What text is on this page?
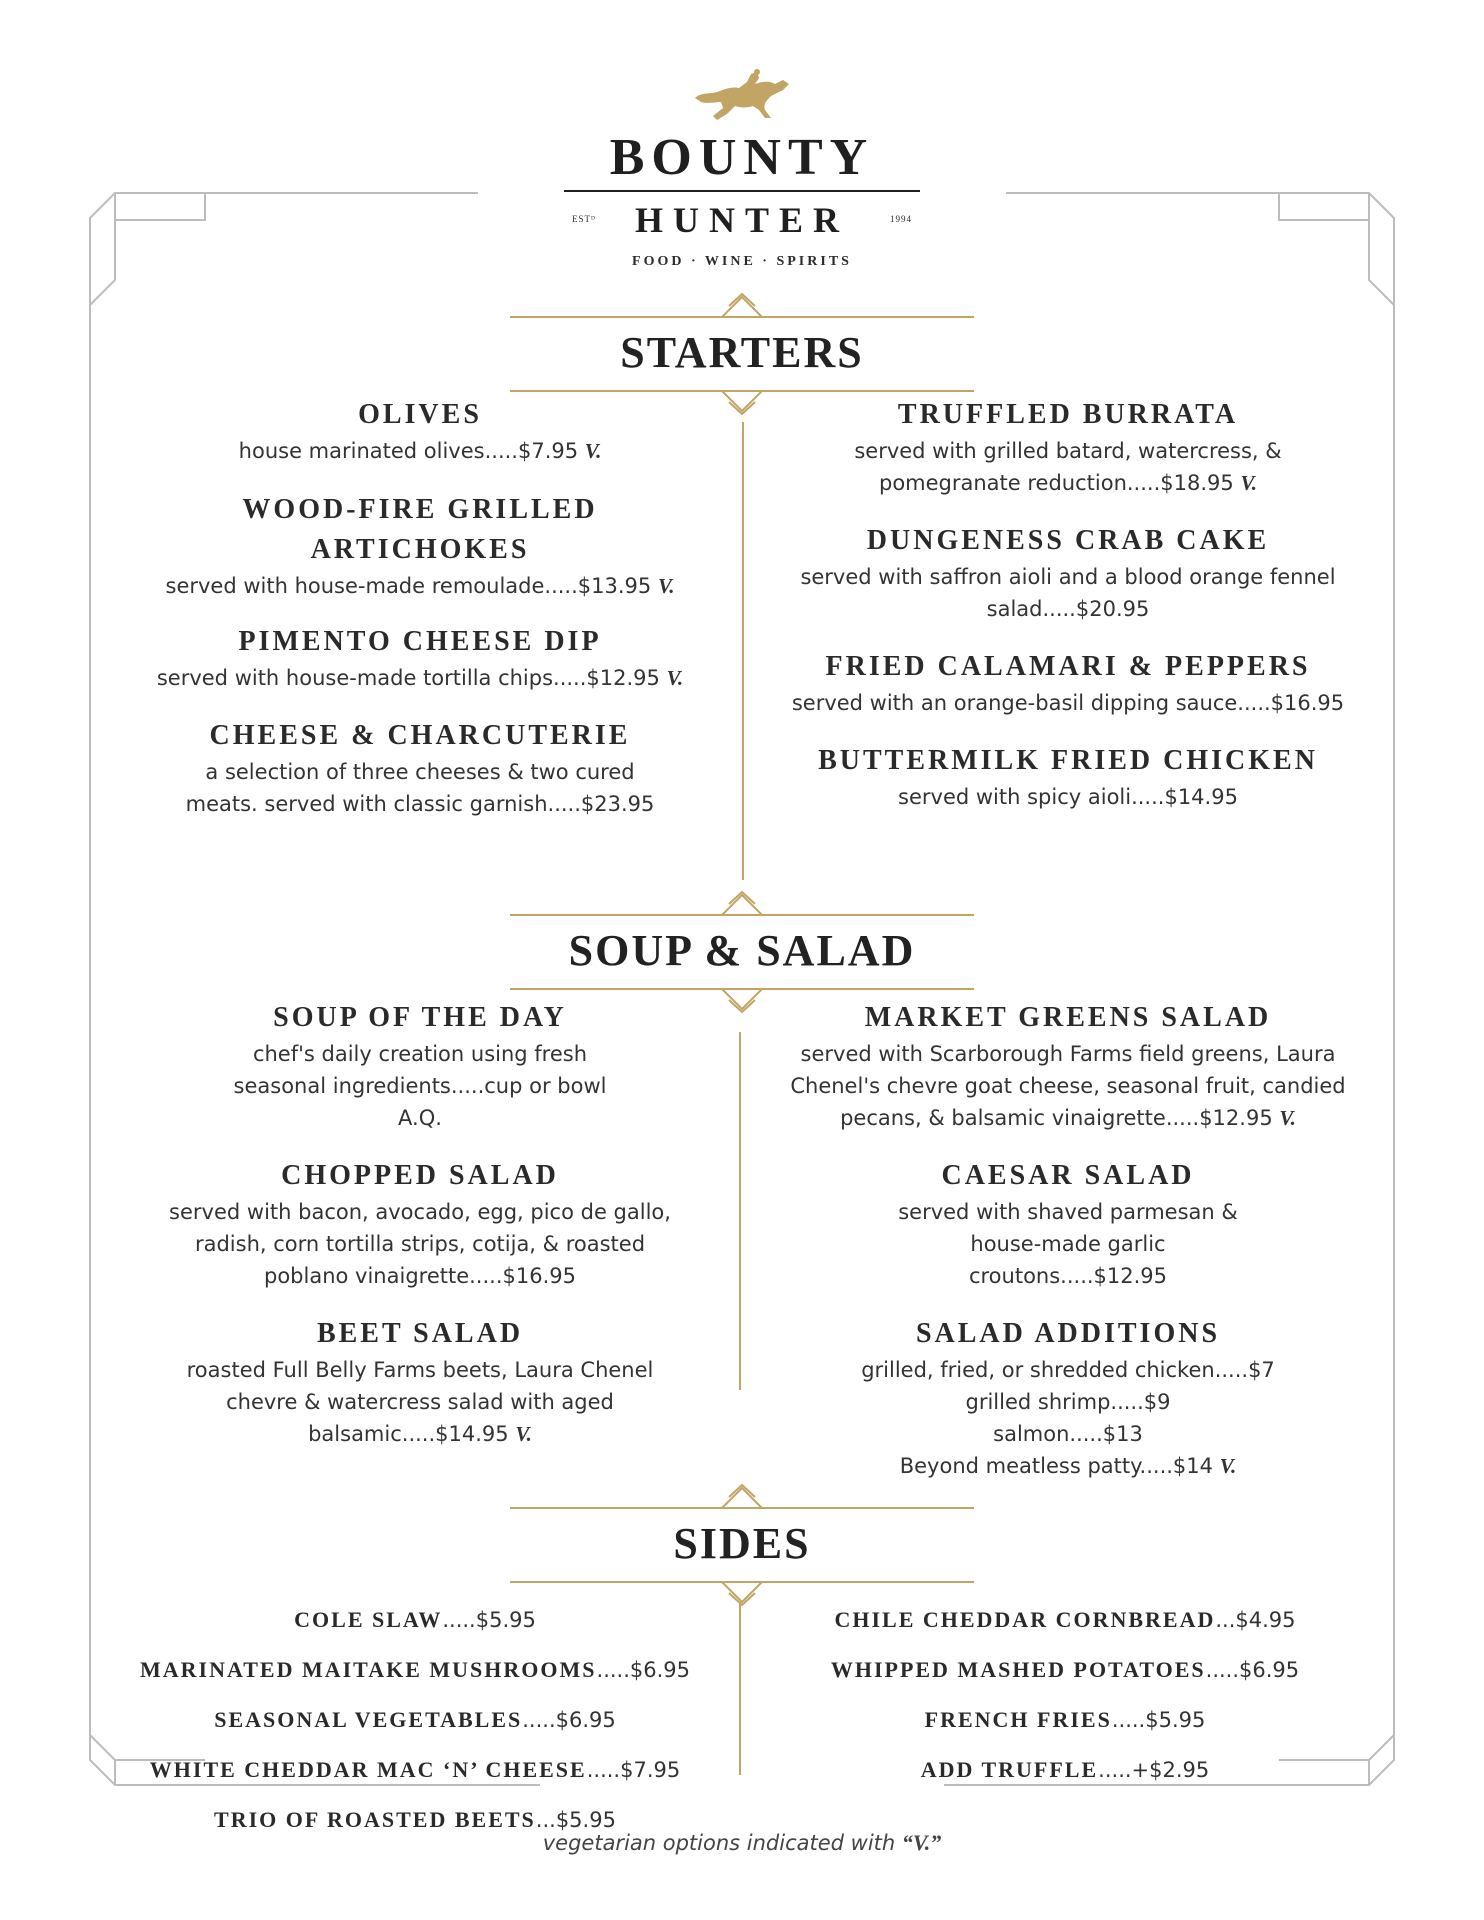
BOUNTY
ESTᴰ	HUNTER	1994
FOOD · WINE · SPIRITS
STARTERS

OLIVES

house marinated olives.....$7.95 V.

WOOD-FIRE GRILLED ARTICHOKES

served with house-made remoulade.....$13.95 V.

PIMENTO CHEESE DIP

served with house-made tortilla chips.....$12.95 V.

CHEESE & CHARCUTERIE

a selection of three cheeses & two cured meats. served with classic garnish.....$23.95

TRUFFLED BURRATA

served with grilled batard, watercress, & pomegranate reduction.....$18.95 V.

DUNGENESS CRAB CAKE

served with saffron aioli and a blood orange fennel salad.....$20.95

FRIED CALAMARI & PEPPERS

served with an orange-basil dipping sauce.....$16.95

BUTTERMILK FRIED CHICKEN

served with spicy aioli.....$14.95

SOUP & SALAD

SOUP OF THE DAY

chef's daily creation using fresh seasonal ingredients.....cup or bowl A.Q.

CHOPPED SALAD

served with bacon, avocado, egg, pico de gallo, radish, corn tortilla strips, cotija, & roasted poblano vinaigrette.....$16.95

BEET SALAD

roasted Full Belly Farms beets, Laura Chenel chevre & watercress salad with aged balsamic.....$14.95 V.

MARKET GREENS SALAD

served with Scarborough Farms field greens, Laura Chenel's chevre goat cheese, seasonal fruit, candied pecans, & balsamic vinaigrette.....$12.95 V.

CAESAR SALAD

served with shaved parmesan & house-made garlic croutons.....$12.95

SALAD ADDITIONS

grilled, fried, or shredded chicken.....$7

grilled shrimp.....$9

salmon.....$13

Beyond meatless patty.....$14 V.

SIDES
COLE SLAW.....$5.95
MARINATED MAITAKE MUSHROOMS.....$6.95
SEASONAL VEGETABLES.....$6.95
WHITE CHEDDAR MAC ‘N’ CHEESE.....$7.95
TRIO OF ROASTED BEETS...$5.95
CHILE CHEDDAR CORNBREAD...$4.95
WHIPPED MASHED POTATOES.....$6.95
FRENCH FRIES.....$5.95
ADD TRUFFLE.....+$2.95
vegetarian options indicated with “V.”
